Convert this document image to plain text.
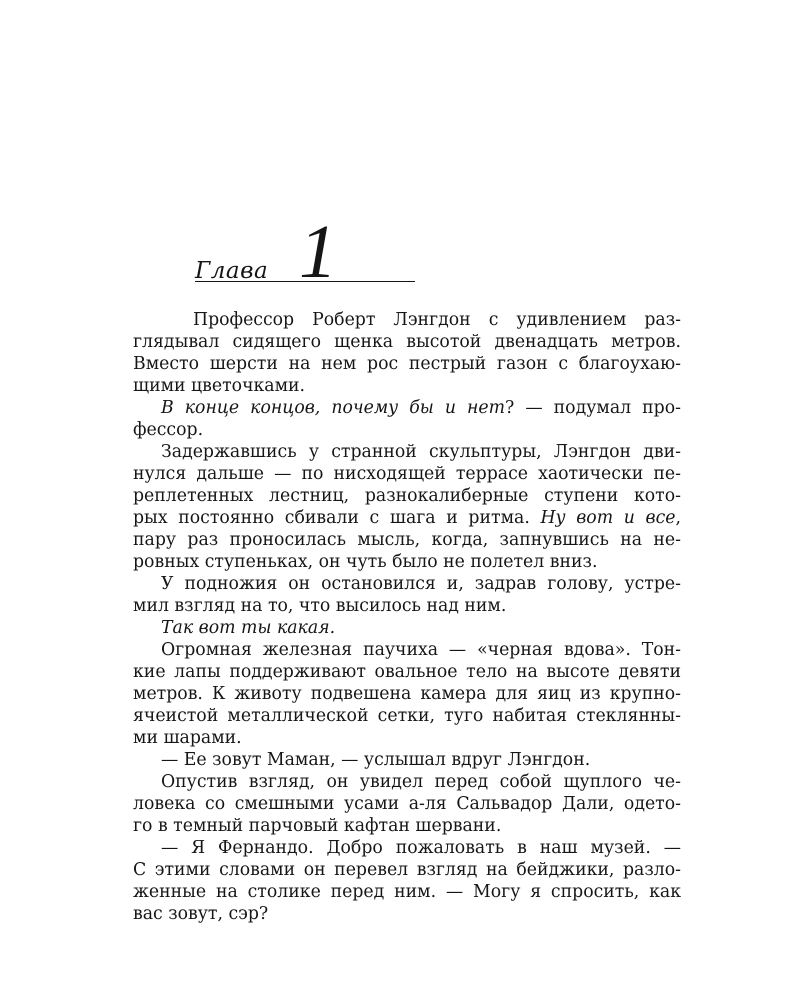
Глава 1
Профессор Роберт Лэнгдон с удивлением раз-
глядывал сидящего щенка высотой двенадцать метров.
Вместо шерсти на нем рос пестрый газон с благоухаю-
щими цветочками.
В конце концов, почему бы и нет? — подумал про-
фессор.
Задержавшись у странной скульптуры, Лэнгдон дви-
нулся дальше — по нисходящей террасе хаотически пе-
реплетенных лестниц, разнокалиберные ступени кото-
рых постоянно сбивали с шага и ритма. Ну вот и все,
пару раз проносилась мысль, когда, запнувшись на не-
ровных ступеньках, он чуть было не полетел вниз.
У подножия он остановился и, задрав голову, устре-
мил взгляд на то, что высилось над ним.
Так вот ты какая.
Огромная железная паучиха — «черная вдова». Тон-
кие лапы поддерживают овальное тело на высоте девяти
метров. К животу подвешена камера для яиц из крупно-
ячеистой металлической сетки, туго набитая стеклянны-
ми шарами.
— Ее зовут Маман, — услышал вдруг Лэнгдон.
Опустив взгляд, он увидел перед собой щуплого че-
ловека со смешными усами а-ля Сальвадор Дали, одето-
го в темный парчовый кафтан шервани.
— Я Фернандо. Добро пожаловать в наш музей. —
С этими словами он перевел взгляд на бейджики, разло-
женные на столике перед ним. — Могу я спросить, как
вас зовут, сэр?
